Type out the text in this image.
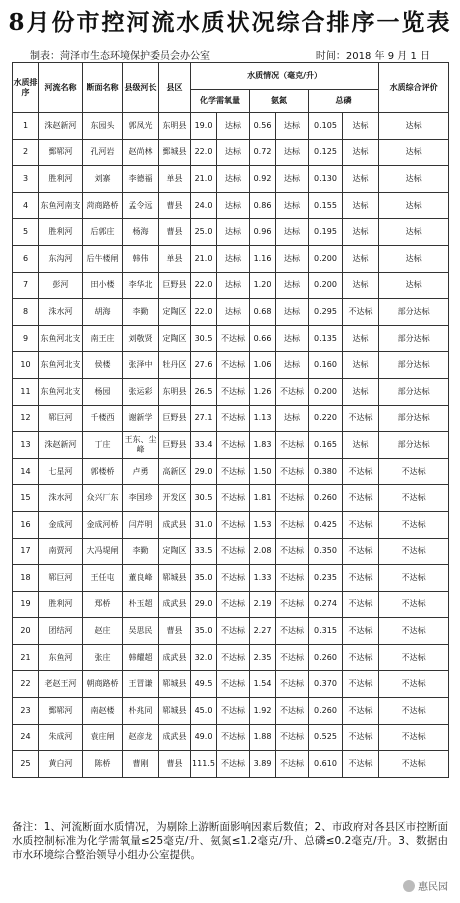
8月份市控河流水质状况综合排序一览表
制表：菏泽市生态环境保护委员会办公室	时间：2018 年 9 月 1 日
水质排序	河流名称	断面名称	县级河长	县区	水质情况（毫克/升）						水质综合评价
					化学需氧量		氨氮		总磷		
1	洙赵新河	东园头	郭凤光	东明县	19.0	达标	0.56	达标	0.105	达标	达标
2	鄄郓河	孔河岩	赵尚林	鄄城县	22.0	达标	0.72	达标	0.125	达标	达标
3	胜利河	刘寨	李德福	单县	21.0	达标	0.92	达标	0.130	达标	达标
4	东鱼河南支	菏商路桥	孟令远	曹县	24.0	达标	0.86	达标	0.155	达标	达标
5	胜利河	后郭庄	杨海	曹县	25.0	达标	0.96	达标	0.195	达标	达标
6	东沟河	后牛楼闸	韩伟	单县	21.0	达标	1.16	达标	0.200	达标	达标
7	彭河	田小楼	李华北	巨野县	22.0	达标	1.20	达标	0.200	达标	达标
8	洙水河	胡海	李勤	定陶区	22.0	达标	0.68	达标	0.295	不达标	部分达标
9	东鱼河北支	南王庄	刘敬贤	定陶区	30.5	不达标	0.66	达标	0.135	达标	部分达标
10	东鱼河北支	侯楼	张泽中	牡丹区	27.6	不达标	1.06	达标	0.160	达标	部分达标
11	东鱼河北支	杨园	张运彩	东明县	26.5	不达标	1.26	不达标	0.200	达标	部分达标
12	郓巨河	千楼西	谢新学	巨野县	27.1	不达标	1.13	达标	0.220	不达标	部分达标
13	洙赵新河	丁庄	王东、尘峰	巨野县	33.4	不达标	1.83	不达标	0.165	达标	部分达标
14	七星河	郭楼桥	卢勇	高新区	29.0	不达标	1.50	不达标	0.380	不达标	不达标
15	洙水河	众兴厂东	李国珍	开发区	30.5	不达标	1.81	不达标	0.260	不达标	不达标
16	金成河	金成河桥	闫芹明	成武县	31.0	不达标	1.53	不达标	0.425	不达标	不达标
17	南贾河	大冯堤闸	李勤	定陶区	33.5	不达标	2.08	不达标	0.350	不达标	不达标
18	郓巨河	王任屯	董良峰	郓城县	35.0	不达标	1.33	不达标	0.235	不达标	不达标
19	胜利河	郑桥	朴玉超	成武县	29.0	不达标	2.19	不达标	0.274	不达标	不达标
20	团结河	赵庄	吴思民	曹县	35.0	不达标	2.27	不达标	0.315	不达标	不达标
21	东鱼河	张庄	韩耀超	成武县	32.0	不达标	2.35	不达标	0.260	不达标	不达标
22	老赵王河	朝商路桥	王冒谦	郓城县	49.5	不达标	1.54	不达标	0.370	不达标	不达标
23	鄄郓河	南赵楼	朴兆同	郓城县	45.0	不达标	1.92	不达标	0.260	不达标	不达标
24	朱成河	袁庄闸	赵彦龙	成武县	49.0	不达标	1.88	不达标	0.525	不达标	不达标
25	黄白河	陈桥	曹刚	曹县	111.5	不达标	3.89	不达标	0.610	不达标	不达标
备注：1、河流断面水质情况，为剔除上游断面影响因素后数值；2、市政府对各县区市控断面水质控制标准为化学需氧量≤25毫克/升、氨氮≤1.2毫克/升、总磷≤0.2毫克/升。3、数据由市水环境综合整治领导小组办公室提供。
惠民园
